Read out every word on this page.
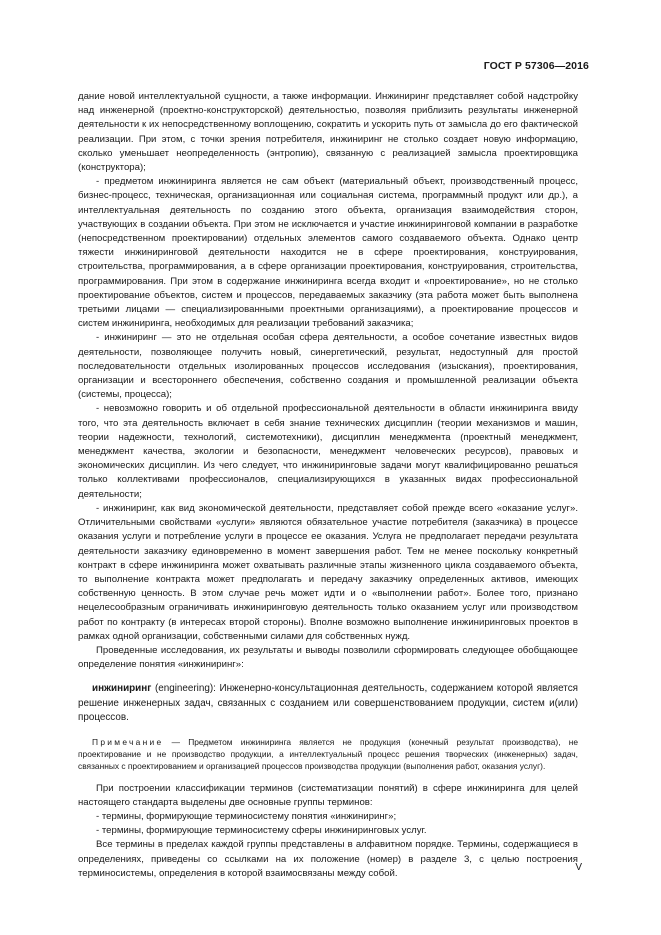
ГОСТ Р 57306—2016

дание новой интеллектуальной сущности, а также информации. Инжиниринг представляет собой надстройку над инженерной (проектно-конструкторской) деятельностью, позволяя приблизить результаты инженерной деятельности к их непосредственному воплощению, сократить и ускорить путь от замысла до его фактической реализации. При этом, с точки зрения потребителя, инжиниринг не столько создает новую информацию, сколько уменьшает неопределенность (энтропию), связанную с реализацией замысла проектировщика (конструктора);

- предметом инжиниринга является не сам объект (материальный объект, производственный процесс, бизнес-процесс, техническая, организационная или социальная система, программный продукт или др.), а интеллектуальная деятельность по созданию этого объекта, организация взаимодействия сторон, участвующих в создании объекта. При этом не исключается и участие инжиниринговой компании в разработке (непосредственном проектировании) отдельных элементов самого создаваемого объекта. Однако центр тяжести инжиниринговой деятельности находится не в сфере проектирования, конструирования, строительства, программирования, а в сфере организации проектирования, конструирования, строительства, программирования. При этом в содержание инжиниринга всегда входит и «проектирование», но не столько проектирование объектов, систем и процессов, передаваемых заказчику (эта работа может быть выполнена третьими лицами — специализированными проектными организациями), а проектирование процессов и систем инжиниринга, необходимых для реализации требований заказчика;

- инжиниринг — это не отдельная особая сфера деятельности, а особое сочетание известных видов деятельности, позволяющее получить новый, синергетический, результат, недоступный для простой последовательности отдельных изолированных процессов исследования (изыскания), проектирования, организации и всестороннего обеспечения, собственно создания и промышленной реализации объекта (системы, процесса);

- невозможно говорить и об отдельной профессиональной деятельности в области инжиниринга ввиду того, что эта деятельность включает в себя знание технических дисциплин (теории механизмов и машин, теории надежности, технологий, системотехники), дисциплин менеджмента (проектный менеджмент, менеджмент качества, экологии и безопасности, менеджмент человеческих ресурсов), правовых и экономических дисциплин. Из чего следует, что инжиниринговые задачи могут квалифицированно решаться только коллективами профессионалов, специализирующихся в указанных видах профессиональной деятельности;

- инжиниринг, как вид экономической деятельности, представляет собой прежде всего «оказание услуг». Отличительными свойствами «услуги» являются обязательное участие потребителя (заказчика) в процессе оказания услуги и потребление услуги в процессе ее оказания. Услуга не предполагает передачи результата деятельности заказчику единовременно в момент завершения работ. Тем не менее поскольку конкретный контракт в сфере инжиниринга может охватывать различные этапы жизненного цикла создаваемого объекта, то выполнение контракта может предполагать и передачу заказчику определенных активов, имеющих собственную ценность. В этом случае речь может идти и о «выполнении работ». Более того, признано нецелесообразным ограничивать инжиниринговую деятельность только оказанием услуг или производством работ по контракту (в интересах второй стороны). Вполне возможно выполнение инжиниринговых проектов в рамках одной организации, собственными силами для собственных нужд.

Проведенные исследования, их результаты и выводы позволили сформировать следующее обобщающее определение понятия «инжиниринг»:

инжиниринг (engineering): Инженерно-консультационная деятельность, содержанием которой является решение инженерных задач, связанных с созданием или совершенствованием продукции, систем и(или) процессов.

Примечание — Предметом инжиниринга является не продукция (конечный результат производства), не проектирование и не производство продукции, а интеллектуальный процесс решения творческих (инженерных) задач, связанных с проектированием и организацией процессов производства продукции (выполнения работ, оказания услуг).

При построении классификации терминов (систематизации понятий) в сфере инжиниринга для целей настоящего стандарта выделены две основные группы терминов:

- термины, формирующие терминосистему понятия «инжиниринг»;

- термины, формирующие терминосистему сферы инжиниринговых услуг.

Все термины в пределах каждой группы представлены в алфавитном порядке. Термины, содержащиеся в определениях, приведены со ссылками на их положение (номер) в разделе 3, с целью построения терминосистемы, определения в которой взаимосвязаны между собой.

V
